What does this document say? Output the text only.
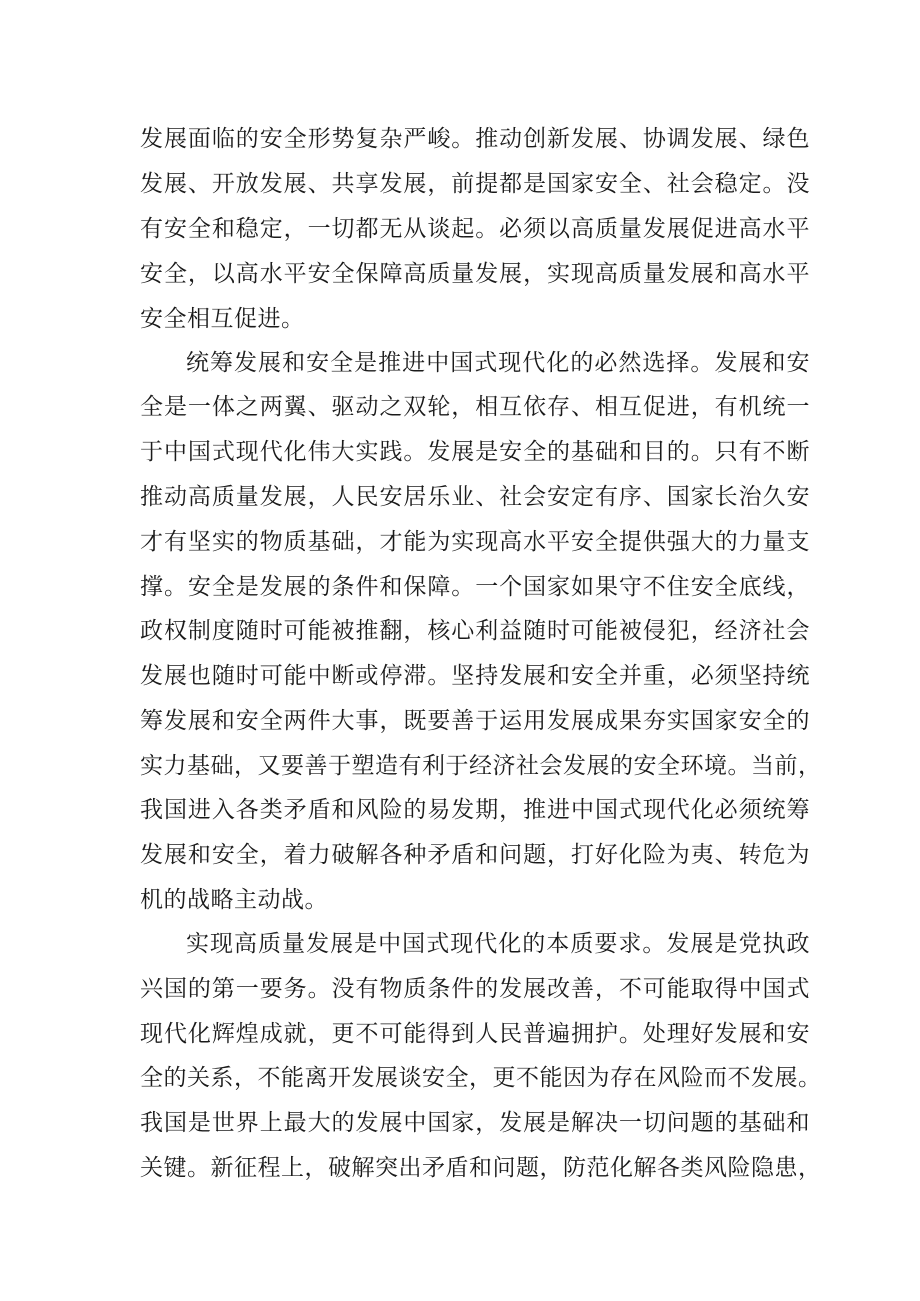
发展面临的安全形势复杂严峻。推动创新发展、协调发展、绿色

发展、开放发展、共享发展，前提都是国家安全、社会稳定。没

有安全和稳定，一切都无从谈起。必须以高质量发展促进高水平

安全，以高水平安全保障高质量发展，实现高质量发展和高水平

安全相互促进。

统筹发展和安全是推进中国式现代化的必然选择。发展和安

全是一体之两翼、驱动之双轮，相互依存、相互促进，有机统一

于中国式现代化伟大实践。发展是安全的基础和目的。只有不断

推动高质量发展，人民安居乐业、社会安定有序、国家长治久安

才有坚实的物质基础，才能为实现高水平安全提供强大的力量支

撑。安全是发展的条件和保障。一个国家如果守不住安全底线，

政权制度随时可能被推翻，核心利益随时可能被侵犯，经济社会

发展也随时可能中断或停滞。坚持发展和安全并重，必须坚持统

筹发展和安全两件大事，既要善于运用发展成果夯实国家安全的

实力基础，又要善于塑造有利于经济社会发展的安全环境。当前，

我国进入各类矛盾和风险的易发期，推进中国式现代化必须统筹

发展和安全，着力破解各种矛盾和问题，打好化险为夷、转危为

机的战略主动战。

实现高质量发展是中国式现代化的本质要求。发展是党执政

兴国的第一要务。没有物质条件的发展改善，不可能取得中国式

现代化辉煌成就，更不可能得到人民普遍拥护。处理好发展和安

全的关系，不能离开发展谈安全，更不能因为存在风险而不发展。

我国是世界上最大的发展中国家，发展是解决一切问题的基础和

关键。新征程上，破解突出矛盾和问题，防范化解各类风险隐患，
